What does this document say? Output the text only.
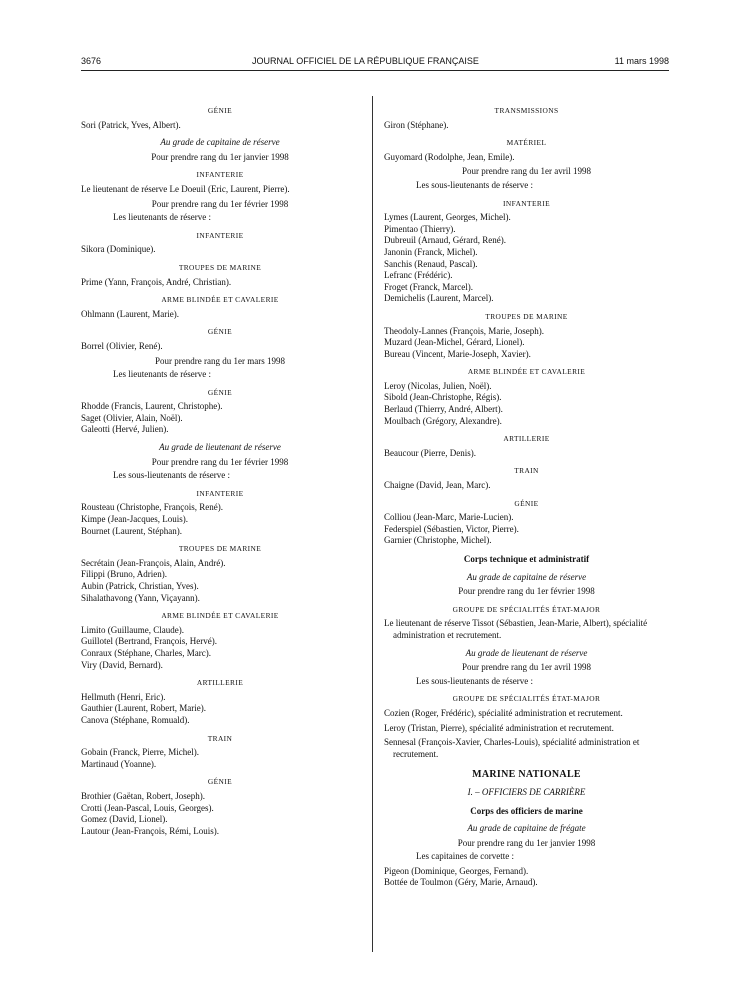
3676	JOURNAL OFFICIEL DE LA RÉPUBLIQUE FRANÇAISE	11 mars 1998
GÉNIE
Sori (Patrick, Yves, Albert).
Au grade de capitaine de réserve
Pour prendre rang du 1er janvier 1998
INFANTERIE
Le lieutenant de réserve Le Doeuil (Eric, Laurent, Pierre).
Pour prendre rang du 1er février 1998
Les lieutenants de réserve :
INFANTERIE
Sikora (Dominique).
TROUPES DE MARINE
Prime (Yann, François, André, Christian).
ARME BLINDÉE ET CAVALERIE
Ohlmann (Laurent, Marie).
GÉNIE
Borrel (Olivier, René).
Pour prendre rang du 1er mars 1998
Les lieutenants de réserve :
GÉNIE
Rhodde (Francis, Laurent, Christophe).
Saget (Olivier, Alain, Noël).
Galeotti (Hervé, Julien).
Au grade de lieutenant de réserve
Pour prendre rang du 1er février 1998
Les sous-lieutenants de réserve :
INFANTERIE
Rousteau (Christophe, François, René).
Kimpe (Jean-Jacques, Louis).
Bournet (Laurent, Stéphan).
TROUPES DE MARINE
Secrétain (Jean-François, Alain, André).
Filippi (Bruno, Adrien).
Aubin (Patrick, Christian, Yves).
Sihalathavong (Yann, Viçayann).
ARME BLINDÉE ET CAVALERIE
Limito (Guillaume, Claude).
Guillotel (Bertrand, François, Hervé).
Conraux (Stéphane, Charles, Marc).
Viry (David, Bernard).
ARTILLERIE
Hellmuth (Henri, Eric).
Gauthier (Laurent, Robert, Marie).
Canova (Stéphane, Romuald).
TRAIN
Gobain (Franck, Pierre, Michel).
Martinaud (Yoanne).
GÉNIE
Brothier (Gaëtan, Robert, Joseph).
Crotti (Jean-Pascal, Louis, Georges).
Gomez (David, Lionel).
Lautour (Jean-François, Rémi, Louis).
TRANSMISSIONS
Giron (Stéphane).
MATÉRIEL
Guyomard (Rodolphe, Jean, Emile).
Pour prendre rang du 1er avril 1998
Les sous-lieutenants de réserve :
INFANTERIE
Lymes (Laurent, Georges, Michel).
Pimentao (Thierry).
Dubreuil (Arnaud, Gérard, René).
Janonin (Franck, Michel).
Sanchis (Renaud, Pascal).
Lefranc (Frédéric).
Froget (Franck, Marcel).
Demichelis (Laurent, Marcel).
TROUPES DE MARINE
Theodoly-Lannes (François, Marie, Joseph).
Muzard (Jean-Michel, Gérard, Lionel).
Bureau (Vincent, Marie-Joseph, Xavier).
ARME BLINDÉE ET CAVALERIE
Leroy (Nicolas, Julien, Noël).
Sibold (Jean-Christophe, Régis).
Berlaud (Thierry, André, Albert).
Moulbach (Grégory, Alexandre).
ARTILLERIE
Beaucour (Pierre, Denis).
TRAIN
Chaigne (David, Jean, Marc).
GÉNIE
Colliou (Jean-Marc, Marie-Lucien).
Federspiel (Sébastien, Victor, Pierre).
Garnier (Christophe, Michel).
Corps technique et administratif
Au grade de capitaine de réserve
Pour prendre rang du 1er février 1998
GROUPE DE SPÉCIALITÉS ÉTAT-MAJOR
Le lieutenant de réserve Tissot (Sébastien, Jean-Marie, Albert), spécialité administration et recrutement.
Au grade de lieutenant de réserve
Pour prendre rang du 1er avril 1998
Les sous-lieutenants de réserve :
GROUPE DE SPÉCIALITÉS ÉTAT-MAJOR
Cozien (Roger, Frédéric), spécialité administration et recrutement.
Leroy (Tristan, Pierre), spécialité administration et recrutement.
Sennesal (François-Xavier, Charles-Louis), spécialité administration et recrutement.
MARINE NATIONALE
I. – OFFICIERS DE CARRIÈRE
Corps des officiers de marine
Au grade de capitaine de frégate
Pour prendre rang du 1er janvier 1998
Les capitaines de corvette :
Pigeon (Dominique, Georges, Fernand).
Bottée de Toulmon (Géry, Marie, Arnaud).
